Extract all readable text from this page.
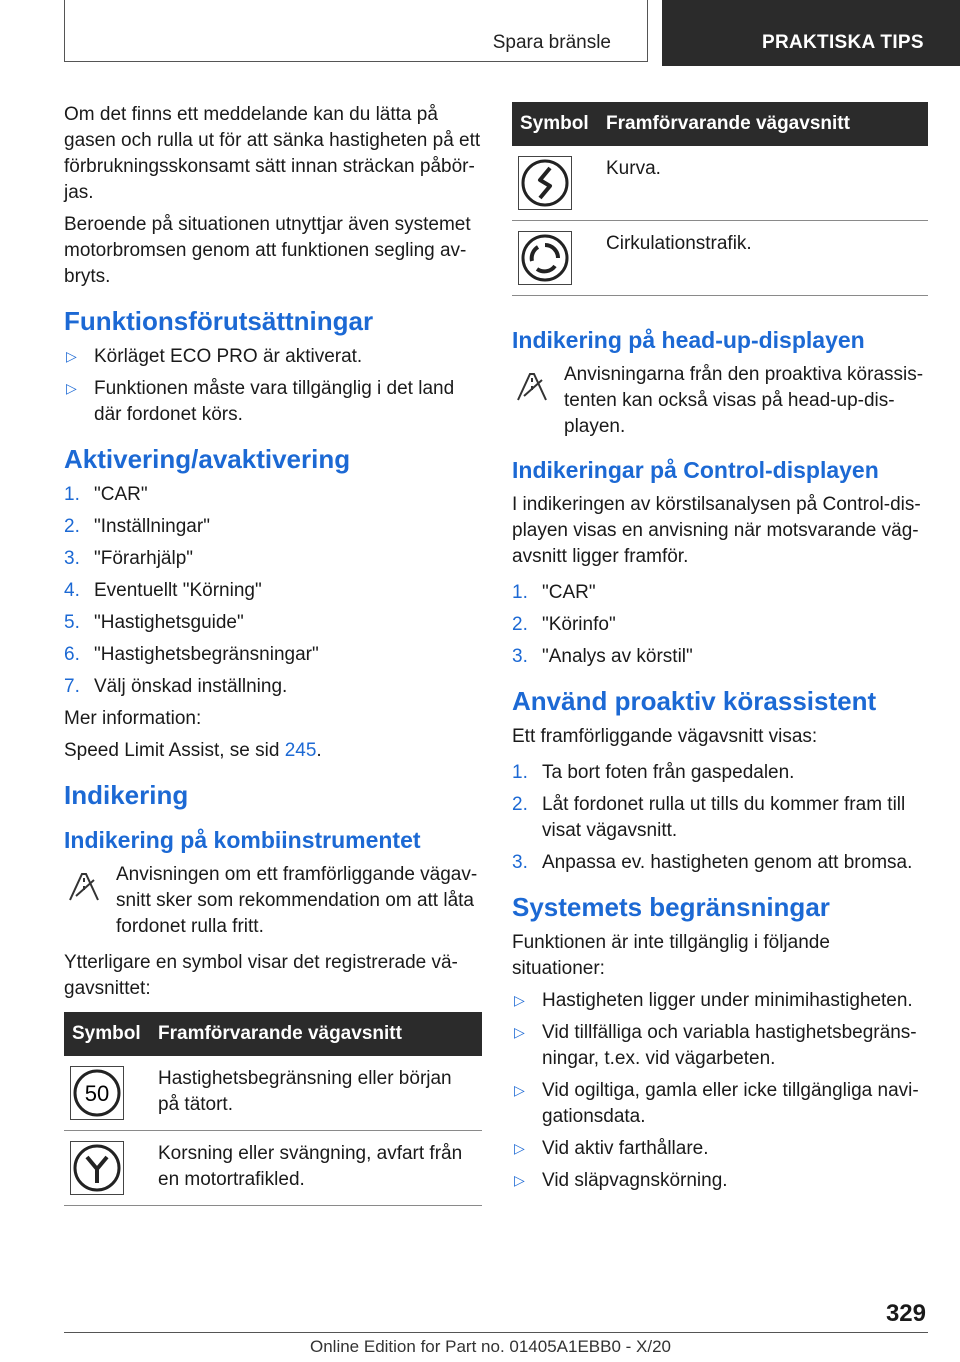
Spara bränsle	PRAKTISKA TIPS

Om det finns ett meddelande kan du lätta på gasen och rulla ut för att sänka hastigheten på ett förbrukningsskonsamt sätt innan sträckan påbör-jas.

Beroende på situationen utnyttjar även systemet motorbromsen genom att funktionen segling av-bryts.

Funktionsförutsättningar
▷ Körläget ECO PRO är aktiverat.
▷ Funktionen måste vara tillgänglig i det land där fordonet körs.
Aktivering/avaktivering
1. "CAR"
2. "Inställningar"
3. "Förarhjälp"
4. Eventuellt "Körning"
5. "Hastighetsguide"
6. "Hastighetsbegränsningar"
7. Välj önskad inställning.

Mer information:

Speed Limit Assist, se sid 245.

Indikering
Indikering på kombiinstrumentet
Anvisningen om ett framförliggande vägav-snitt sker som rekommendation om att låta fordonet rulla fritt.

Ytterligare en symbol visar det registrerade vä-gavsnittet:

Symbol	Framförvarande vägavsnitt

50	Hastighetsbegränsning eller början på tätort.

	Korsning eller svängning, avfart från en motortrafikled.
Symbol	Framförvarande vägavsnitt

	Kurva.

	Cirkulationstrafik.
Indikering på head-up-displayen
Anvisningarna från den proaktiva körassis-tenten kan också visas på head-up-dis-playen.
Indikeringar på Control-displayen

I indikeringen av körstilsanalysen på Control-dis-playen visas en anvisning när motsvarande väg-avsnitt ligger framför.

1. "CAR"
2. "Körinfo"
3. "Analys av körstil"
Använd proaktiv körassistent

Ett framförliggande vägavsnitt visas:

1. Ta bort foten från gaspedalen.
2. Låt fordonet rulla ut tills du kommer fram till visat vägavsnitt.
3. Anpassa ev. hastigheten genom att bromsa.
Systemets begränsningar

Funktionen är inte tillgänglig i följande situationer:

▷ Hastigheten ligger under minimihastigheten.
▷ Vid tillfälliga och variabla hastighetsbegräns-ningar, t.ex. vid vägarbeten.
▷ Vid ogiltiga, gamla eller icke tillgängliga navi-gationsdata.
▷ Vid aktiv farthållare.
▷ Vid släpvagnskörning.
329
Online Edition for Part no. 01405A1EBB0 - X/20
